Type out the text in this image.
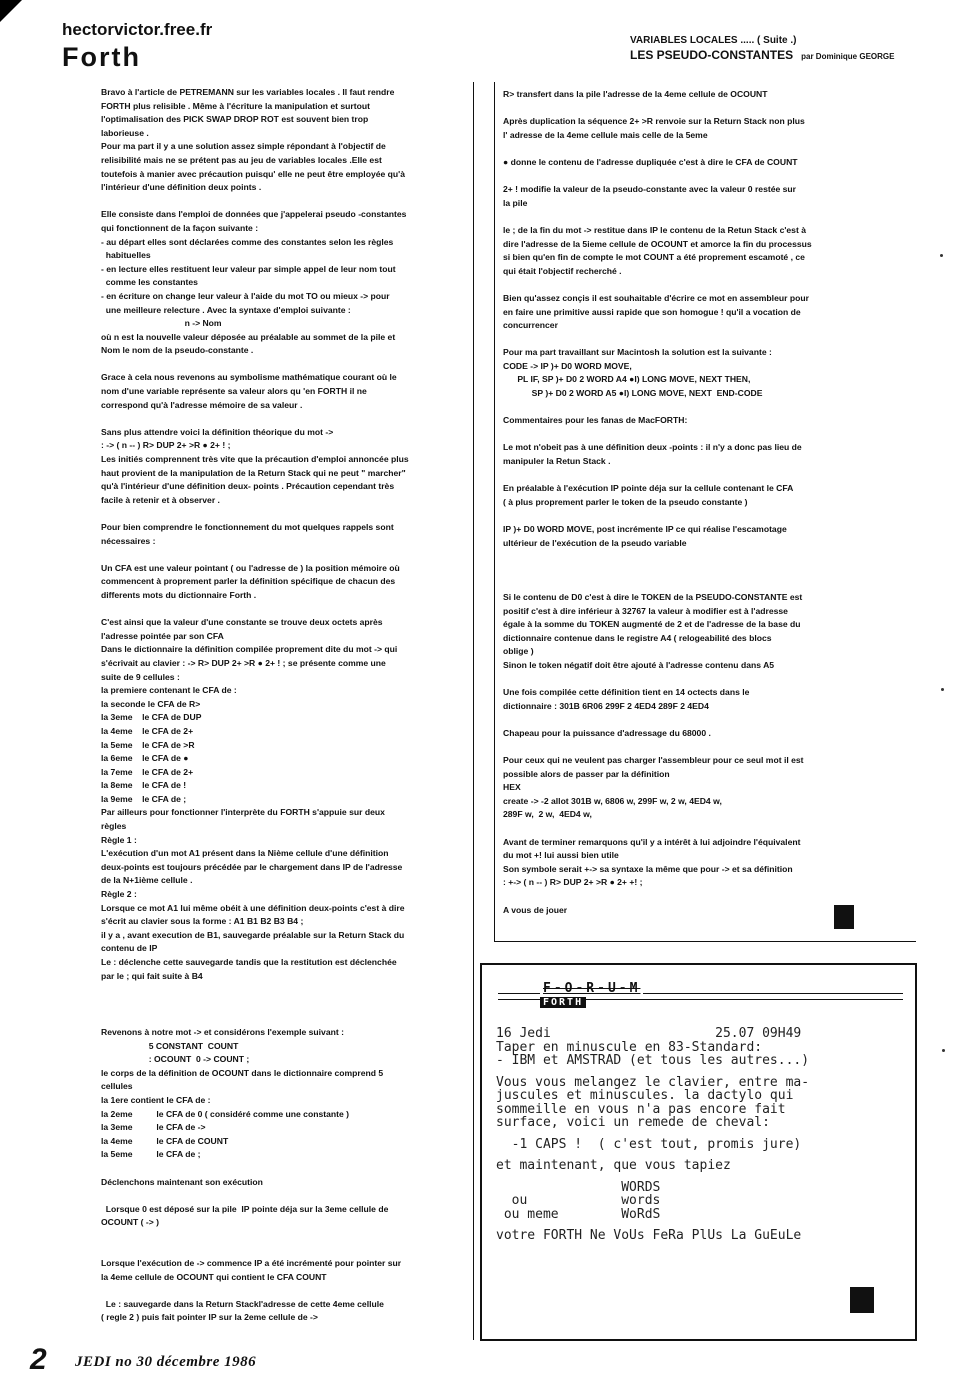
hectorvictor.free.fr
Forth
VARIABLES LOCALES ..... ( Suite .)
LES PSEUDO-CONSTANTES par Dominique GEORGE

Bravo à l'article de PETREMANN sur les variables locales . Il faut rendre

FORTH plus relisible . Même à l'écriture la manipulation et surtout

l'optimalisation des PICK SWAP DROP ROT est souvent bien trop

laborieuse .

Pour ma part il y a une solution assez simple répondant à l'objectif de

relisibilité mais ne se prétent pas au jeu de variables locales .Elle est

toutefois à manier avec précaution puisqu' elle ne peut être employée qu'à

l'intérieur d'une définition deux points .

Elle consiste dans l'emploi de données que j'appelerai pseudo -constantes

qui fonctionnent de la façon suivante :

- au départ elles sont déclarées comme des constantes selon les règles

habituelles

- en lecture elles restituent leur valeur par simple appel de leur nom tout

comme les constantes

- en écriture on change leur valeur à l'aide du mot TO ou mieux -> pour

une meilleure relecture . Avec la syntaxe d'emploi suivante :

n -> Nom

où n est la nouvelle valeur déposée au préalable au sommet de la pile et

Nom le nom de la pseudo-constante .

Grace à cela nous revenons au symbolisme mathématique courant où le

nom d'une variable représente sa valeur alors qu 'en FORTH il ne

correspond qu'à l'adresse mémoire de sa valeur .

Sans plus attendre voici la définition théorique du mot ->

: -> ( n -- ) R> DUP 2+ >R ● 2+ ! ;

Les initiés comprennent très vite que la précaution d'emploi annoncée plus

haut provient de la manipulation de la Return Stack qui ne peut " marcher"

qu'à l'intérieur d'une définition deux- points . Précaution cependant très

facile à retenir et à observer .

Pour bien comprendre le fonctionnement du mot quelques rappels sont

nécessaires :

Un CFA est une valeur pointant ( ou l'adresse de ) la position mémoire où

commencent à proprement parler la définition spécifique de chacun des

differents mots du dictionnaire Forth .

C'est ainsi que la valeur d'une constante se trouve deux octets après

l'adresse pointée par son CFA

Dans le dictionnaire la définition compilée proprement dite du mot -> qui

s'écrivait au clavier : -> R> DUP 2+ >R ● 2+ ! ; se présente comme une

suite de 9 cellules :

la premiere contenant le CFA de :

la seconde le CFA de R>

la 3eme    le CFA de DUP

la 4eme    le CFA de 2+

la 5eme    le CFA de >R

la 6eme    le CFA de ●

la 7eme    le CFA de 2+

la 8eme    le CFA de !

la 9eme    le CFA de ;

Par ailleurs pour fonctionner l'interprète du FORTH s'appuie sur deux

règles

Règle 1 :

L'exécution d'un mot A1 présent dans la Nième cellule d'une définition

deux-points est toujours précédée par le chargement dans IP de l'adresse

de la N+1ième cellule .

Règle 2 :

Lorsque ce mot A1 lui même obéit à une définition deux-points c'est à dire

s'écrit au clavier sous la forme : A1 B1 B2 B3 B4 ;

il y a , avant execution de B1, sauvegarde préalable sur la Return Stack du

contenu de IP

Le : déclenche cette sauvegarde tandis que la restitution est déclenchée

par le ; qui fait suite à B4

Revenons à notre mot -> et considérons l'exemple suivant :

5 CONSTANT  COUNT

: OCOUNT  0 -> COUNT ;

le corps de la définition de OCOUNT dans le dictionnaire comprend 5

cellules

la 1ere contient le CFA de :

la 2eme          le CFA de 0 ( considéré comme une constante )

la 3eme          le CFA de ->

la 4eme          le CFA de COUNT

la 5eme          le CFA de ;

Déclenchons maintenant son exécution

Lorsque 0 est déposé sur la pile  IP pointe déja sur la 3eme cellule de

OCOUNT ( -> )

Lorsque l'exécution de -> commence IP a été incrémenté pour pointer sur

la 4eme cellule de OCOUNT qui contient le CFA COUNT

Le : sauvegarde dans la Return Stackl'adresse de cette 4eme cellule

( regle 2 ) puis fait pointer IP sur la 2eme cellule de ->

R> transfert dans la pile l'adresse de la 4eme cellule de OCOUNT

Après duplication la séquence 2+ >R renvoie sur la Return Stack non plus

l' adresse de la 4eme cellule mais celle de la 5eme

● donne le contenu de l'adresse dupliquée c'est à dire le CFA de COUNT

2+ ! modifie la valeur de la pseudo-constante avec la valeur 0 restée sur

la pile

le ; de la fin du mot -> restitue dans IP le contenu de la Retun Stack c'est à

dire l'adresse de la 5ieme cellule de OCOUNT et amorce la fin du processus

si bien qu'en fin de compte le mot COUNT a été proprement escamoté , ce

qui était l'objectif recherché .

Bien qu'assez conçis il est souhaitable d'écrire ce mot en assembleur pour

en faire une primitive aussi rapide que son homogue ! qu'il a vocation de

concurrencer

Pour ma part travaillant sur Macintosh la solution est la suivante :

CODE -> IP )+ D0 WORD MOVE,

PL IF, SP )+ D0 2 WORD A4 ●I) LONG MOVE, NEXT THEN,

SP )+ D0 2 WORD A5 ●I) LONG MOVE, NEXT  END-CODE

Commentaires pour les fanas de MacFORTH:

Le mot n'obeit pas à une définition deux -points : il n'y a donc pas lieu de

manipuler la Retun Stack .

En préalable à l'exécution IP pointe déja sur la cellule contenant le CFA

( à plus proprement parler le token de la pseudo constante )

IP )+ D0 WORD MOVE, post incrémente IP ce qui réalise l'escamotage

ultérieur de l'exécution de la pseudo variable

Si le contenu de D0 c'est à dire le TOKEN de la PSEUDO-CONSTANTE est

positif c'est à dire inférieur à 32767 la valeur à modifier est à l'adresse

égale à la somme du TOKEN augmenté de 2 et de l'adresse de la base du

dictionnaire contenue dans le registre A4 ( relogeabilité des blocs

oblige )

Sinon le token négatif doit être ajouté à l'adresse contenu dans A5

Une fois compilée cette définition tient en 14 octects dans le

dictionnaire : 301B 6R06 299F 2 4ED4 289F 2 4ED4

Chapeau pour la puissance d'adressage du 68000 .

Pour ceux qui ne veulent pas charger l'assembleur pour ce seul mot il est

possible alors de passer par la définition

HEX

create -> -2 allot 301B w, 6806 w, 299F w, 2 w, 4ED4 w,

289F w,  2 w,  4ED4 w,

Avant de terminer remarquons qu'il y a intérêt à lui adjoindre l'équivalent

du mot +! lui aussi bien utile

Son symbole serait +-> sa syntaxe la même que pour -> et sa définition

: +-> ( n -- ) R> DUP 2+ >R ● 2+ +! ;

A vous de jouer

F-O-R-U-M
FORTH
16 Jedi                     25.07 09H49
Taper en minuscule en 83-Standard:
- IBM et AMSTRAD (et tous les autres...)
Vous vous melangez le clavier, entre ma-
juscules et minuscules. la dactylo qui
sommeille en vous n'a pas encore fait
surface, voici un remede de cheval:
-1 CAPS !  ( c'est tout, promis jure)
et maintenant, que vous tapiez
WORDS
ou            words
ou meme        WoRdS
votre FORTH Ne VoUs FeRa PlUs La GuEuLe
2 JEDI no 30 décembre 1986
